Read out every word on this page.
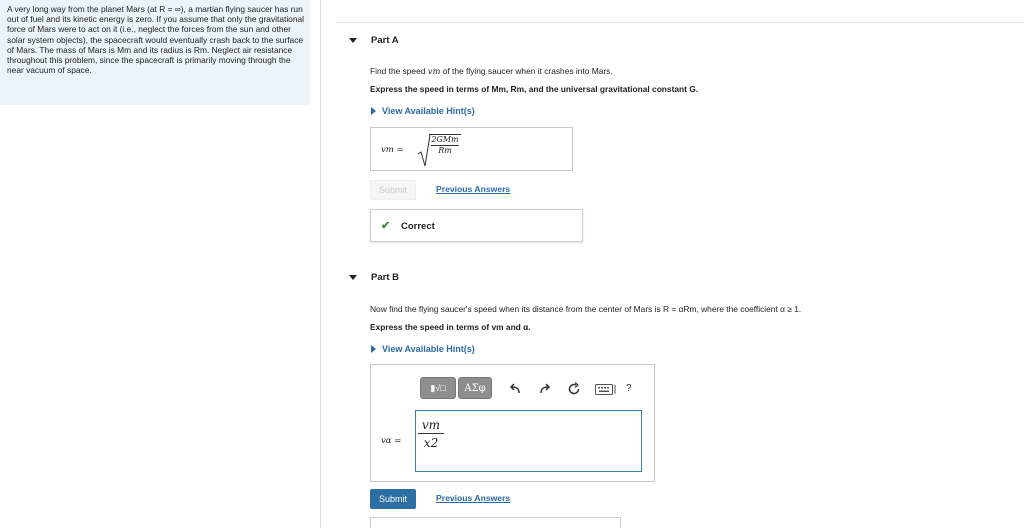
A very long way from the planet Mars (at R = ∞), a martian flying saucer has run out of fuel and its kinetic energy is zero. If you assume that only the gravitational force of Mars were to act on it (i.e., neglect the forces from the sun and other solar system objects), the spacecraft would eventually crash back to the surface of Mars. The mass of Mars is Mm and its radius is Rm. Neglect air resistance throughout this problem, since the spacecraft is primarily moving through the near vacuum of space.

Part A
Find the speed vm of the flying saucer when it crashes into Mars.
Express the speed in terms of Mm, Rm, and the universal gravitational constant G.
View Available Hint(s)
vm =
2GMm
Rm
Submit	Previous Answers
✔ Correct
Part B
Now find the flying saucer's speed when its distance from the center of Mars is R = αRm, where the coefficient α ≥ 1.
Express the speed in terms of vm and α.
View Available Hint(s)
▮√□	ΑΣφ	?
vα =
vm
x2
Submit	Previous Answers
